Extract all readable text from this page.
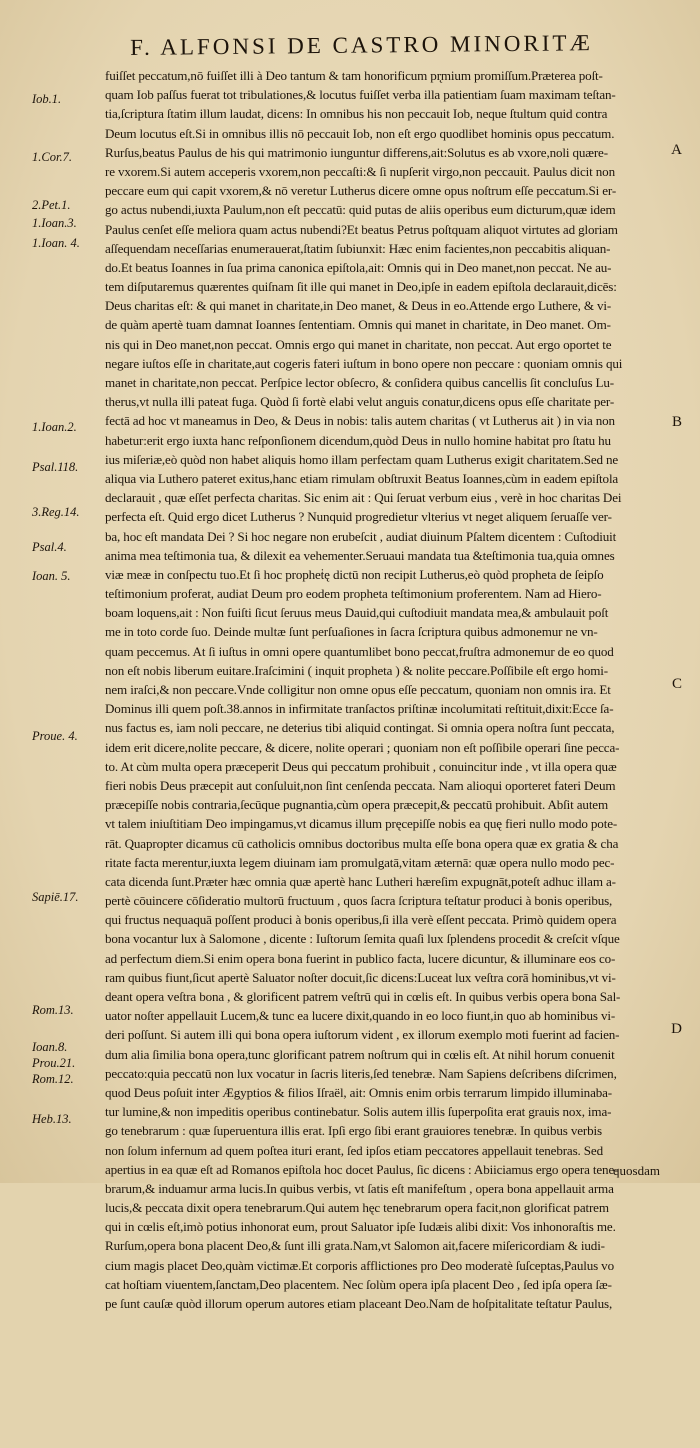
F. ALFONSI DE CASTRO MINORITÆ
Iob.1.
1.Cor.7.
2.Pet.1.
1.Ioan.3.
1.Ioan. 4.
1.Ioan.2.
Psal.118.
3.Reg.14.
Psal.4.
Ioan. 5.
Proue. 4.
Sapiē.17.
Rom.13.
Ioan.8.
Prou.21.
Rom.12.
Heb.13.
A
B
C
D
fuiſſet peccatum,nō fuiſſet illi à Deo tantum & tam honorificum pr̨mium promiſſum.Præterea poſt-
quam Iob paſſus fuerat tot tribulationes,& locutus fuiſſet verba illa patientiam ſuam maximam teſtan-
tia,ſcriptura ſtatim illum laudat, dicens: In omnibus his non peccauit Iob, neque ſtultum quid contra
Deum locutus eſt.Si in omnibus illis nō peccauit Iob, non eſt ergo quodlibet hominis opus peccatum.
Rurſus,beatus Paulus de his qui matrimonio iunguntur differens,ait:Solutus es ab vxore,noli quære-
re vxorem.Si autem acceperis vxorem,non peccaſti:& ſi nupſerit virgo,non peccauit. Paulus dicit non
peccare eum qui capit vxorem,& nō veretur Lutherus dicere omne opus noſtrum eſſe peccatum.Si er-
go actus nubendi,iuxta Paulum,non eſt peccatū: quid putas de aliis operibus eum dicturum,quæ idem
Paulus cenſet eſſe meliora quam actus nubendi?Et beatus Petrus poſtquam aliquot virtutes ad gloriam
aſſequendam neceſſarias enumerauerat,ſtatim ſubiunxit: Hæc enim facientes,non peccabitis aliquan-
do.Et beatus Ioannes in ſua prima canonica epiſtola,ait: Omnis qui in Deo manet,non peccat. Ne au-
tem diſputaremus quærentes quiſnam ſit ille qui manet in Deo,ipſe in eadem epiſtola declarauit,dicēs:
Deus charitas eſt: & qui manet in charitate,in Deo manet, & Deus in eo.Attende ergo Luthere, & vi-
de quàm apertè tuam damnat Ioannes ſententiam. Omnis qui manet in charitate, in Deo manet. Om-
nis qui in Deo manet,non peccat. Omnis ergo qui manet in charitate, non peccat. Aut ergo oportet te
negare iuſtos eſſe in charitate,aut cogeris fateri iuſtum in bono opere non peccare : quoniam omnis qui
manet in charitate,non peccat. Perſpice lector obſecro, & conſidera quibus cancellis ſit concluſus Lu-
therus,vt nulla illi pateat fuga. Quòd ſi fortè elabi velut anguis conatur,dicens opus eſſe charitate per-
fectā ad hoc vt maneamus in Deo, & Deus in nobis: talis autem charitas ( vt Lutherus ait ) in via non
habetur:erit ergo iuxta hanc reſponſionem dicendum,quòd Deus in nullo homine habitat pro ſtatu hu
ius miſeriæ,eò quòd non habet aliquis homo illam perfectam quam Lutherus exigit charitatem.Sed ne
aliqua via Luthero pateret exitus,hanc etiam rimulam obſtruxit Beatus Ioannes,cùm in eadem epiſtola
declarauit , quæ eſſet perfecta charitas. Sic enim ait : Qui ſeruat verbum eius , verè in hoc charitas Dei
perfecta eſt. Quid ergo dicet Lutherus ? Nunquid progredietur vlterius vt neget aliquem ſeruaſſe ver-
ba, hoc eſt mandata Dei ? Si hoc negare non erubeſcit , audiat diuinum Pſaltem dicentem : Cuſtodiuit
anima mea teſtimonia tua, & dilexit ea vehementer.Seruaui mandata tua &teſtimonia tua,quia omnes
viæ meæ in conſpectu tuo.Et ſi hoc propheṫę dictū non recipit Lutherus,eò quòd propheta de ſeipſo
teſtimonium proferat, audiat Deum pro eodem propheta teſtimonium proferentem. Nam ad Hiero-
boam loquens,ait : Non fuiſti ſicut ſeruus meus Dauid,qui cuſtodiuit mandata mea,& ambulauit poſt
me in toto corde ſuo. Deinde multæ ſunt perſuaſiones in ſacra ſcriptura quibus admonemur ne vn-
quam peccemus. At ſi iuſtus in omni opere quantumlibet bono peccat,fruſtra admonemur de eo quod
non eſt nobis liberum euitare.Iraſcimini ( inquit propheta ) & nolite peccare.Poſſibile eſt ergo homi-
nem iraſci,& non peccare.Vnde colligitur non omne opus eſſe peccatum, quoniam non omnis ira. Et
Dominus illi quem poſt.38.annos in infirmitate tranſactos priſtinæ incolumitati reſtituit,dixit:Ecce ſa-
nus factus es, iam noli peccare, ne deterius tibi aliquid contingat. Si omnia opera noſtra ſunt peccata,
idem erit dicere,nolite peccare, & dicere, nolite operari ; quoniam non eſt poſſibile operari ſine pecca-
to. At cùm multa opera præceperit Deus qui peccatum prohibuit , conuincitur inde , vt illa opera quæ
fieri nobis Deus præcepit aut conſuluit,non ſint cenſenda peccata. Nam alioqui oporteret fateri Deum
præcepiſſe nobis contraria,ſecūque pugnantia,cùm opera præcepit,& peccatū prohibuit. Abſit autem
vt talem iniuſtitiam Deo impingamus,vt dicamus illum pręcepiſſe nobis ea quę fieri nullo modo pote-
rāt. Quapropter dicamus cū catholicis omnibus doctoribus multa eſſe bona opera quæ ex gratia & cha
ritate facta merentur,iuxta legem diuinam iam promulgatā,vitam æternā: quæ opera nullo modo pec-
cata dicenda ſunt.Præter hæc omnia quæ apertè hanc Lutheri hæreſim expugnāt,poteſt adhuc illam a-
pertè cōuincere cōſideratio multorū fructuum , quos ſacra ſcriptura teſtatur produci à bonis operibus,
qui fructus nequaquā poſſent produci à bonis operibus,ſi illa verè eſſent peccata. Primò quidem opera
bona vocantur lux à Salomone , dicente : Iuſtorum ſemita quaſi lux ſplendens procedit & creſcit vſque
ad perfectum diem.Si enim opera bona fuerint in publico facta, lucere dicuntur, & illuminare eos co-
ram quibus fiunt,ſicut apertè Saluator noſter docuit,ſic dicens:Luceat lux veſtra corā hominibus,vt vi-
deant opera veſtra bona , & glorificent patrem veſtrū qui in cœlis eſt. In quibus verbis opera bona Sal-
uator noſter appellauit Lucem,& tunc ea lucere dixit,quando in eo loco fiunt,in quo ab hominibus vi-
deri poſſunt. Si autem illi qui bona opera iuſtorum vident , ex illorum exemplo moti fuerint ad facien-
dum alia ſimilia bona opera,tunc glorificant patrem noſtrum qui in cœlis eſt. At nihil horum conuenit
peccato:quia peccatū non lux vocatur in ſacris literis,ſed tenebræ. Nam Sapiens deſcribens diſcrimen,
quod Deus poſuit inter Ægyptios & filios Iſraël, ait: Omnis enim orbis terrarum limpido illuminaba-
tur lumine,& non impeditis operibus continebatur. Solis autem illis ſuperpoſita erat grauis nox, ima-
go tenebrarum : quæ ſuperuentura illis erat. Ipſi ergo ſibi erant grauiores tenebræ. In quibus verbis
non ſolum infernum ad quem poſtea ituri erant, ſed ipſos etiam peccatores appellauit tenebras. Sed
apertius in ea quæ eſt ad Romanos epiſtola hoc docet Paulus, ſic dicens : Abiiciamus ergo opera tene-
brarum,& induamur arma lucis.In quibus verbis, vt ſatis eſt manifeſtum , opera bona appellauit arma
lucis,& peccata dixit opera tenebrarum.Qui autem hęc tenebrarum opera facit,non glorificat patrem
qui in cœlis eſt,imò potius inhonorat eum, prout Saluator ipſe Iudæis alibi dixit: Vos inhonoraſtis me.
Rurſum,opera bona placent Deo,& ſunt illi grata.Nam,vt Salomon ait,facere miſericordiam & iudi-
cium magis placet Deo,quàm victimæ.Et corporis afflictiones pro Deo moderatè ſuſceptas,Paulus vo
cat hoſtiam viuentem,ſanctam,Deo placentem. Nec ſolùm opera ipſa placent Deo , ſed ipſa opera ſæ-
pe ſunt cauſæ quòd illorum operum autores etiam placeant Deo.Nam de hoſpitalitate teſtatur Paulus,
quosdam
